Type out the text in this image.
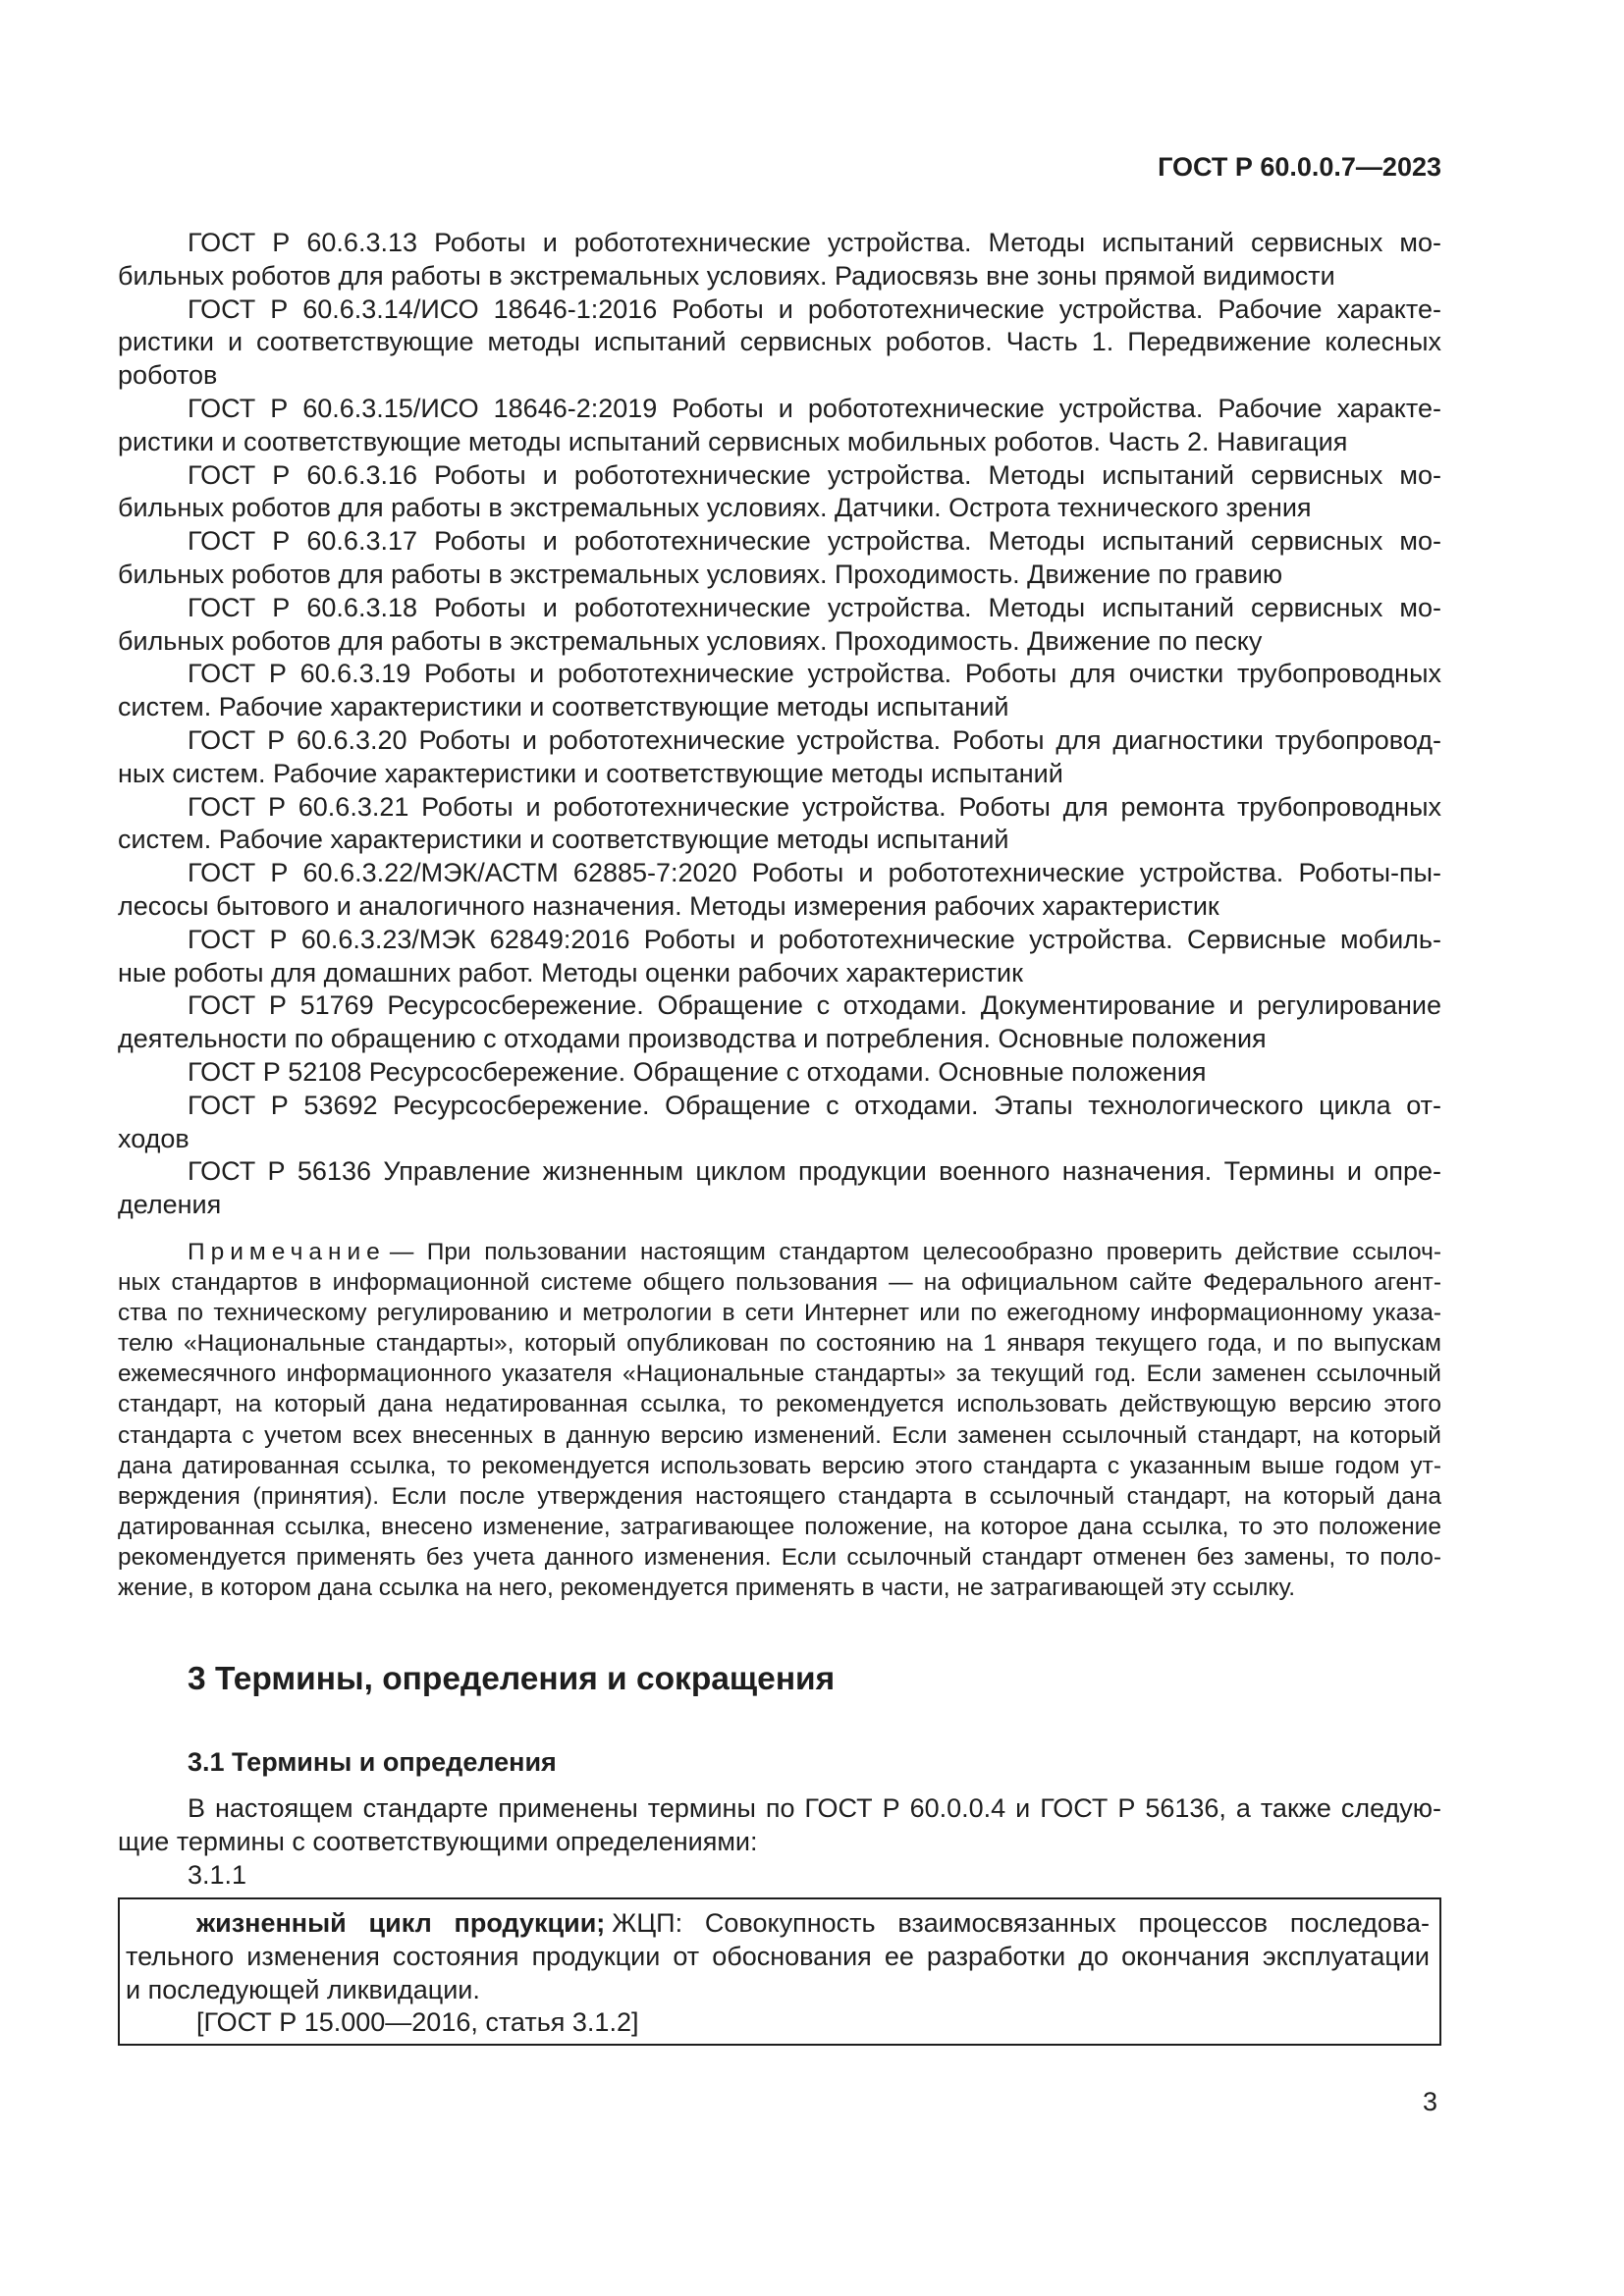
ГОСТ Р 60.0.0.7—2023
ГОСТ Р 60.6.3.13 Роботы и робототехнические устройства. Методы испытаний сервисных мо-
бильных роботов для работы в экстремальных условиях. Радиосвязь вне зоны прямой видимости
ГОСТ Р 60.6.3.14/ИСО 18646-1:2016 Роботы и робототехнические устройства. Рабочие характе-
ристики и соответствующие методы испытаний сервисных роботов. Часть 1. Передвижение колесных
роботов
ГОСТ Р 60.6.3.15/ИСО 18646-2:2019 Роботы и робототехнические устройства. Рабочие характе-
ристики и соответствующие методы испытаний сервисных мобильных роботов. Часть 2. Навигация
ГОСТ Р 60.6.3.16 Роботы и робототехнические устройства. Методы испытаний сервисных мо-
бильных роботов для работы в экстремальных условиях. Датчики. Острота технического зрения
ГОСТ Р 60.6.3.17 Роботы и робототехнические устройства. Методы испытаний сервисных мо-
бильных роботов для работы в экстремальных условиях. Проходимость. Движение по гравию
ГОСТ Р 60.6.3.18 Роботы и робототехнические устройства. Методы испытаний сервисных мо-
бильных роботов для работы в экстремальных условиях. Проходимость. Движение по песку
ГОСТ Р 60.6.3.19 Роботы и робототехнические устройства. Роботы для очистки трубопроводных
систем. Рабочие характеристики и соответствующие методы испытаний
ГОСТ Р 60.6.3.20 Роботы и робототехнические устройства. Роботы для диагностики трубопровод-
ных систем. Рабочие характеристики и соответствующие методы испытаний
ГОСТ Р 60.6.3.21 Роботы и робототехнические устройства. Роботы для ремонта трубопроводных
систем. Рабочие характеристики и соответствующие методы испытаний
ГОСТ Р 60.6.3.22/МЭК/АСТМ 62885-7:2020 Роботы и робототехнические устройства. Роботы-пы-
лесосы бытового и аналогичного назначения. Методы измерения рабочих характеристик
ГОСТ Р 60.6.3.23/МЭК 62849:2016 Роботы и робототехнические устройства. Сервисные мобиль-
ные роботы для домашних работ. Методы оценки рабочих характеристик
ГОСТ Р 51769 Ресурсосбережение. Обращение с отходами. Документирование и регулирование
деятельности по обращению с отходами производства и потребления. Основные положения
ГОСТ Р 52108 Ресурсосбережение. Обращение с отходами. Основные положения
ГОСТ Р 53692 Ресурсосбережение. Обращение с отходами. Этапы технологического цикла от-
ходов
ГОСТ Р 56136 Управление жизненным циклом продукции военного назначения. Термины и опре-
деления
Примечание — При пользовании настоящим стандартом целесообразно проверить действие ссылоч-
ных стандартов в информационной системе общего пользования — на официальном сайте Федерального агент-
ства по техническому регулированию и метрологии в сети Интернет или по ежегодному информационному указа-
телю «Национальные стандарты», который опубликован по состоянию на 1 января текущего года, и по выпускам
ежемесячного информационного указателя «Национальные стандарты» за текущий год. Если заменен ссылочный
стандарт, на который дана недатированная ссылка, то рекомендуется использовать действующую версию этого
стандарта с учетом всех внесенных в данную версию изменений. Если заменен ссылочный стандарт, на который
дана датированная ссылка, то рекомендуется использовать версию этого стандарта с указанным выше годом ут-
верждения (принятия). Если после утверждения настоящего стандарта в ссылочный стандарт, на который дана
датированная ссылка, внесено изменение, затрагивающее положение, на которое дана ссылка, то это положение
рекомендуется применять без учета данного изменения. Если ссылочный стандарт отменен без замены, то поло-
жение, в котором дана ссылка на него, рекомендуется применять в части, не затрагивающей эту ссылку.
3 Термины, определения и сокращения
3.1 Термины и определения
В настоящем стандарте применены термины по ГОСТ Р 60.0.0.4 и ГОСТ Р 56136, а также следую-
щие термины с соответствующими определениями:
3.1.1
жизненный цикл продукции; ЖЦП: Совокупность взаимосвязанных процессов последова-
тельного изменения состояния продукции от обоснования ее разработки до окончания эксплуатации
и последующей ликвидации.
[ГОСТ Р 15.000—2016, статья 3.1.2]
3
